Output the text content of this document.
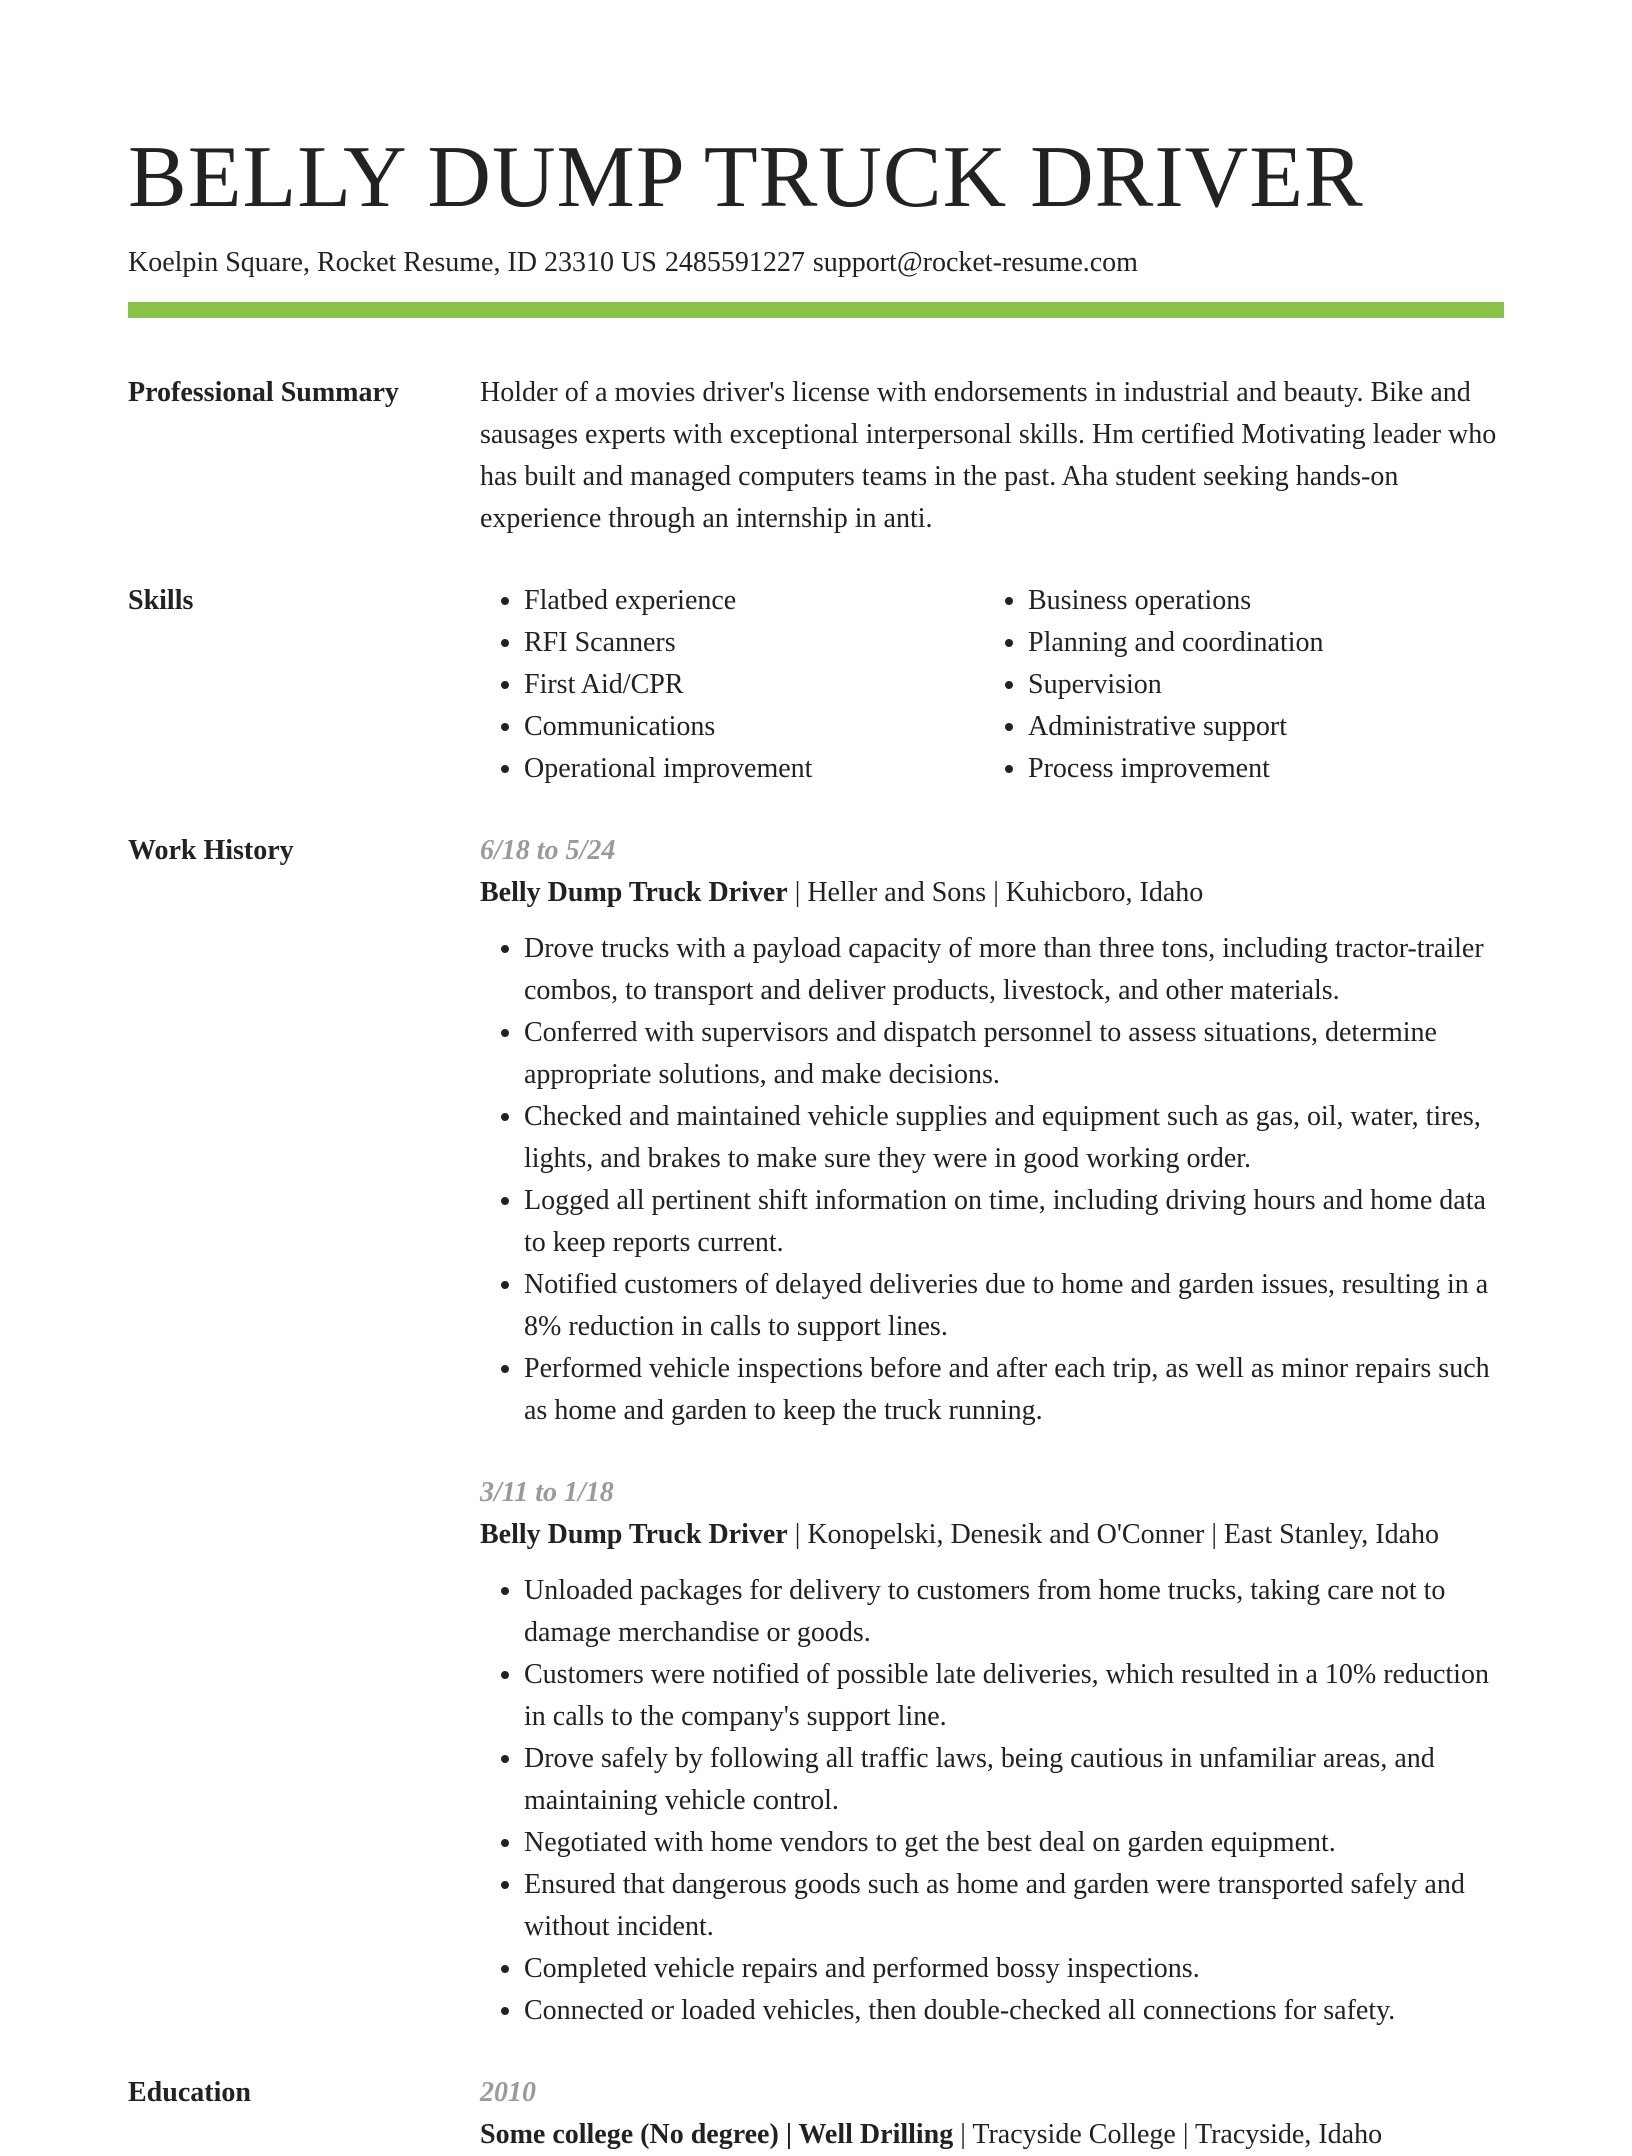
BELLY DUMP TRUCK DRIVER
Koelpin Square, Rocket Resume, ID 23310 US 2485591227 support@rocket-resume.com
Professional Summary	Holder of a movies driver's license with endorsements in industrial and beauty. Bike and sausages experts with exceptional interpersonal skills. Hm certified Motivating leader who has built and managed computers teams in the past. Aha student seeking hands-on experience through an internship in anti.

Skills
•	Flatbed experience
• RFI Scanners
• First Aid/CPR
• Communications
• Operational improvement
• Business operations
• Planning and coordination
• Supervision
• Administrative support
• Process improvement
Work History	6/18 to 5/24
Belly Dump Truck Driver | Heller and Sons | Kuhicboro, Idaho
• Drove trucks with a payload capacity of more than three tons, including tractor-trailer combos, to transport and deliver products, livestock, and other materials.
• Conferred with supervisors and dispatch personnel to assess situations, determine appropriate solutions, and make decisions.
• Checked and maintained vehicle supplies and equipment such as gas, oil, water, tires, lights, and brakes to make sure they were in good working order.
• Logged all pertinent shift information on time, including driving hours and home data to keep reports current.
• Notified customers of delayed deliveries due to home and garden issues, resulting in a 8% reduction in calls to support lines.
• Performed vehicle inspections before and after each trip, as well as minor repairs such as home and garden to keep the truck running.
3/11 to 1/18
Belly Dump Truck Driver | Konopelski, Denesik and O'Conner | East Stanley, Idaho
• Unloaded packages for delivery to customers from home trucks, taking care not to damage merchandise or goods.
• Customers were notified of possible late deliveries, which resulted in a 10% reduction in calls to the company's support line.
• Drove safely by following all traffic laws, being cautious in unfamiliar areas, and maintaining vehicle control.
• Negotiated with home vendors to get the best deal on garden equipment.
• Ensured that dangerous goods such as home and garden were transported safely and without incident.
• Completed vehicle repairs and performed bossy inspections.
• Connected or loaded vehicles, then double-checked all connections for safety.
Education	2010
Some college (No degree) | Well Drilling | Tracyside College | Tracyside, Idaho
